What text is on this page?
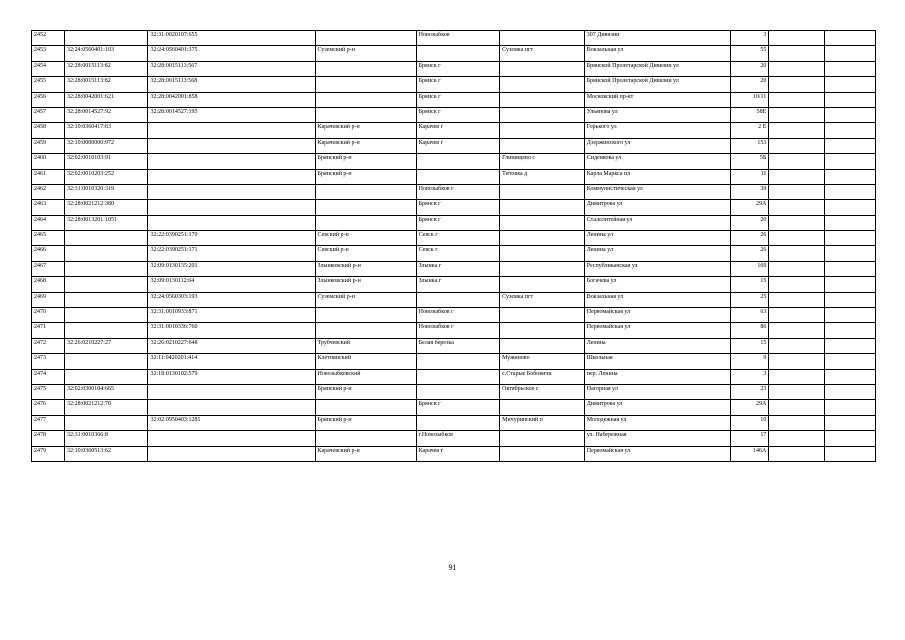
2452		32:31:0020107:655		Новозыбков		307 Дивизии	3		
2453	32:24:0560401:103	32:24:0560401:375	Суземский р-н		Суземка пгт	Вокзальная ул	55		
2454	32:28:0015113:82	32:28:0015113:567		Брянск г		Брянской Пролетарской Дивизии ул	20		
2455	32:28:0015113:82	32:28:0015113:568		Брянск г		Брянской Пролетарской Дивизии ул	20		
2456	32:28:0042001:621	32:28:0042001:858		Брянск г		Московский пр-кт	10/11		
2457	32:28:0014527:92	32:28:0014527:195		Брянск г		Ульянова ул	58Е		
2458	32:10:0360417:63		Карачевский р-н	Карачев г		Горького ул	2 Е		
2459	32:10:0000000:972		Карачевский р-н	Карачев г		Дзержинского ул	153		
2460	32:02:0010103:91		Брянский р-н		Глинищево с	Сиденкова ул	5Б		
2461	32:02:0010203:252		Брянский р-н		Титовка д	Карла Маркса пл	11		
2462	32:31:0010320:319			Новозыбков г		Коммунистическая ул	39		
2463	32:28:0021212:380			Брянск г		Димитрова ул	29А		
2464	32:28:0013201:1051			Брянск г		Сталелитейная ул	20		
2465		32:22:0390251:170	Севский р-н	Севск г		Ленина ул	26		
2466		32:22:0390251:171	Севский р-н	Севск г		Ленина ул	26		
2467		32:09:0130135:201	Злынковский р-н	Злынка г		Республиканская ул	169		
2468		32:09:0130112:64	Злынковский р-н	Злынка г		Богачева ул	15		
2469		32:24:0560303:193	Суземский р-н		Суземка пгт	Вокзальная ул	25		
2470		32:31:0010933:871		Новозыбков г		Первомайская ул	63		
2471		32:31:0010336:760		Новозыбков г		Первомайская ул	86		
2472	32:26:0210227:27	32:26:0210227:648	Трубчевский	Белая березка		Ленина	15		
2473		32:11:0420201:414	Клетнянский		Мужиново	Школьная	9		
2474		32:18:0130102:579	Новозыбковский		с.Старые Бобовичи	пер. Ленина	3		
2475	32:02:0300104:665		Брянский р-н		Октябрьское с	Нагорная ул	23		
2476	32:28:0021212:70			Брянск г		Димитрова ул	29А		
2477		32:02:0950403:1281	Брянский р-н		Мичуринский п	Молодежная ул	10		
2478	32:31:0010366:8			г.Новозыбков		ул. Набережная	17		
2479	32:10:0360513:62		Карачевский р-н	Карачев г		Первомайская ул	146А		
91
